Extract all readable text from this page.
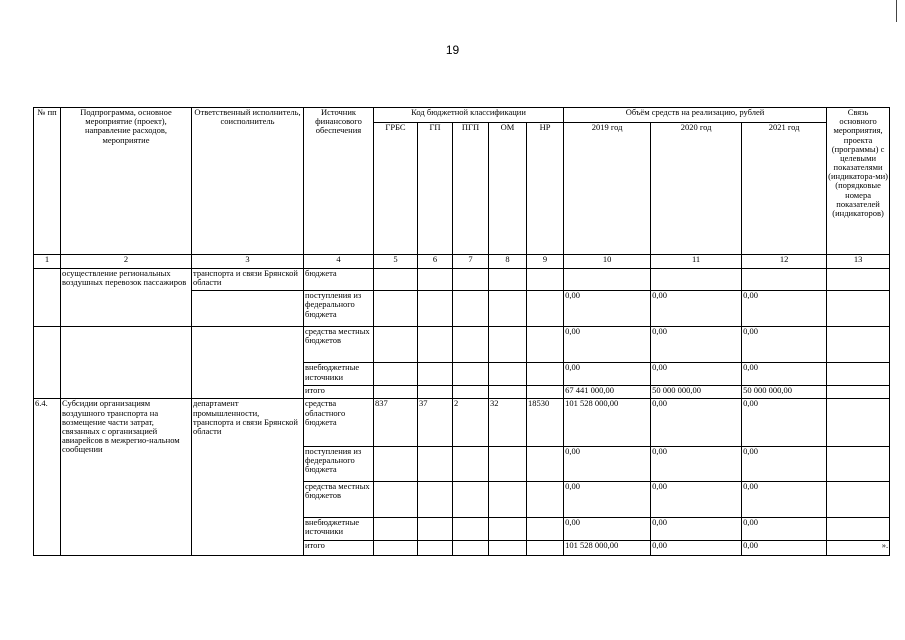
19
№ пп	Подпрограмма, основное мероприятие (проект), направление расходов, мероприятие	Ответственный исполнитель, соисполнитель	Источник финансового обеспечения	Код бюджетной классификации					Объём средств на реализацию, рублей			Связь основного мероприятия, проекта (программы) с целевыми показателями (индикатора-ми) (порядковые номера показателей (индикаторов)
				ГРБС	ГП	ПГП	ОМ	НР	2019 год	2020 год	2021 год	
1	2	3	4	5	6	7	8	9	10	11	12	13
	осуществление региональных воздушных перевозок пассажиров	транспорта и связи Брянской области	бюджета									
			поступления из федерального бюджета						0,00	0,00	0,00	
			средства местных бюджетов						0,00	0,00	0,00	
			внебюджетные источники						0,00	0,00	0,00	
			итого						67 441 000,00	50 000 000,00	50 000 000,00	
6.4.	Субсидии организациям воздушного транспорта на возмещение части затрат, связанных с организацией авиарейсов в межрегио-нальном сообщении	департамент промышленности, транспорта и связи Брянской области	средства областного бюджета	837	37	2	32	18530	101 528 000,00	0,00	0,00	
			поступления из федерального бюджета						0,00	0,00	0,00	
			средства местных бюджетов						0,00	0,00	0,00	
			внебюджетные источники						0,00	0,00	0,00	
			итого						101 528 000,00	0,00	0,00	».
